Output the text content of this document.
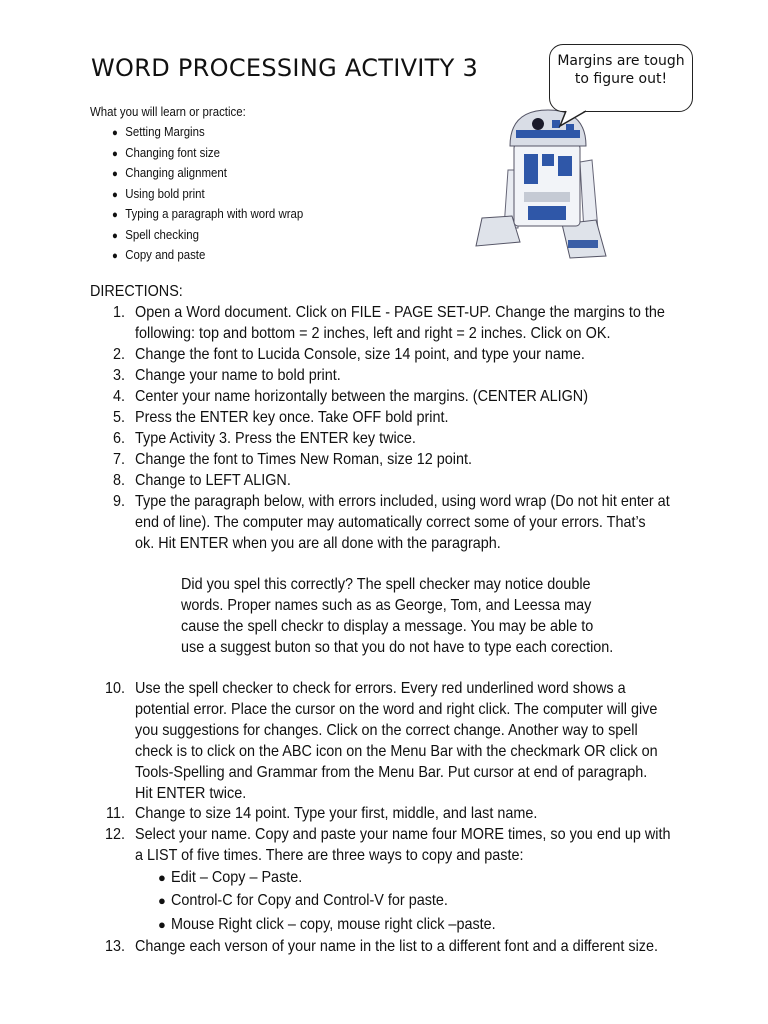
WORD PROCESSING ACTIVITY 3
What you will learn or practice:
● Setting Margins
● Changing font size
● Changing alignment
● Using bold print
● Typing a paragraph with word wrap
● Spell checking
● Copy and paste
Margins are tough to figure out!
DIRECTIONS:
1. Open a Word document. Click on FILE - PAGE SET-UP. Change the margins to the
following: top and bottom = 2 inches, left and right = 2 inches. Click on OK.
2. Change the font to Lucida Console, size 14 point, and type your name.
3. Change your name to bold print.
4. Center your name horizontally between the margins. (CENTER ALIGN)
5. Press the ENTER key once. Take OFF bold print.
6. Type Activity 3. Press the ENTER key twice.
7. Change the font to Times New Roman, size 12 point.
8. Change to LEFT ALIGN.
9. Type the paragraph below, with errors included, using word wrap (Do not hit enter at
end of line). The computer may automatically correct some of your errors. That’s
ok. Hit ENTER when you are all done with the paragraph.
Did you spel this correctly? The spell checker may notice double
words. Proper names such as as George, Tom, and Leessa may
cause the spell checkr to display a message. You may be able to
use a suggest buton so that you do not have to type each corection.
10. Use the spell checker to check for errors. Every red underlined word shows a
potential error. Place the cursor on the word and right click. The computer will give
you suggestions for changes. Click on the correct change. Another way to spell
check is to click on the ABC icon on the Menu Bar with the checkmark OR click on
Tools-Spelling and Grammar from the Menu Bar. Put cursor at end of paragraph.
Hit ENTER twice.
11. Change to size 14 point. Type your first, middle, and last name.
12. Select your name. Copy and paste your name four MORE times, so you end up with
a LIST of five times. There are three ways to copy and paste:
● Edit – Copy – Paste.
● Control-C for Copy and Control-V for paste.
● Mouse Right click – copy, mouse right click –paste.
13. Change each verson of your name in the list to a different font and a different size.
